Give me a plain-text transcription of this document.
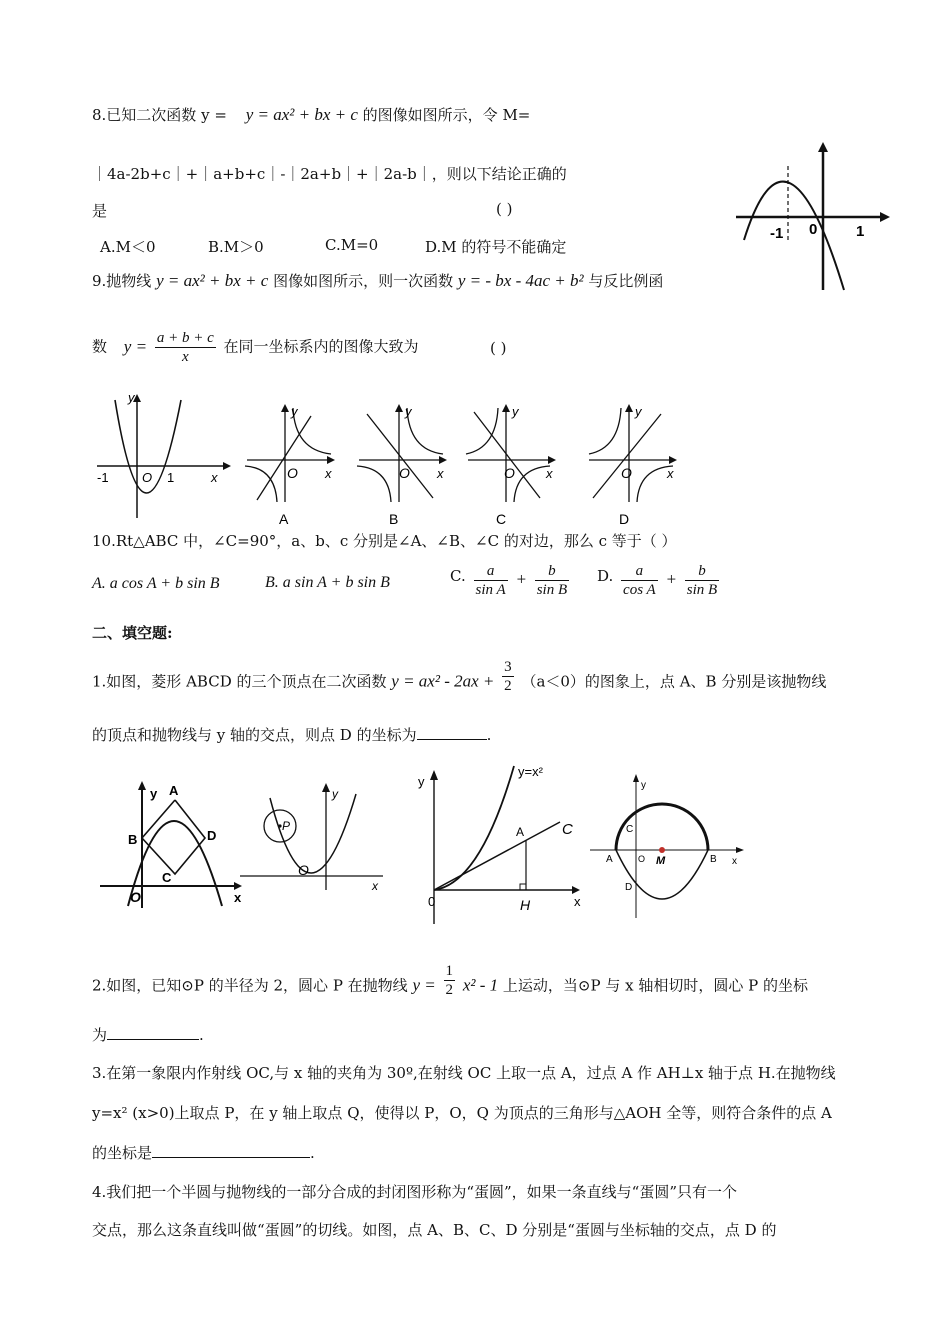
8.已知二次函数 y = y = ax² + bx + c 的图像如图所示，令 M=
｜4a-2b+c｜+｜a+b+c｜-｜2a+b｜+｜2a-b｜，则以下结论正确的
是	( )
A.M＜0	B.M＞0	C.M=0	D.M 的符号不能确定
-1 0	1
9.抛物线 y = ax² + bx + c 图像如图所示，则一次函数 y = - bx - 4ac + b² 与反比例函
数 $y = \frac{a + b + c}{x}$ 在同一坐标系内的图像大致为	( )
y
-1	O 1	x
y
O x
A
y
O x
B
y
O x
C
y
O	x
D
10.Rt△ABC 中，∠C=90°，a、b、c 分别是∠A、∠B、∠C 的对边，那么 c 等于（ ）
A. a cos A + b sin B	B. a sin A + b sin B	C. $\frac{a}{\text{sin A}} + \frac{b}{\text{sin B}} D$. $\frac{a}{\text{cos A}} + \frac{b}{\text{sin B}}$
二、填空题:
1.如图，菱形 ABCD 的三个顶点在二次函数 $y = ax^2 - 2ax + \frac{3}{2} (a<0)$的图象上，点 A、B 分别是该抛物线
的顶点和抛物线与 y 轴的交点，则点 D 的坐标为	.
y A
B	D
C
O	x
P
y
O
x
y
y=x²
C
A
0	H	x
y
C
A	O M	B
D
x
2.如图，已知⊙P 的半径为 2，圆心 P 在抛物线 $y = \frac{1}{2} x^2 - 1$ 上运动，当⊙P 与 x 轴相切时，圆心 P 的坐标
为	.
3.在第一象限内作射线 OC,与 x 轴的夹角为 30º,在射线 OC 上取一点 A，过点 A 作 AH⊥x 轴于点 H.在抛物线
y=x² (x>0)上取点 P，在 y 轴上取点 Q，使得以 P，O，Q 为顶点的三角形与△AOH 全等，则符合条件的点 A
的坐标是	.
4.我们把一个半圆与抛物线的一部分合成的封闭图形称为“蛋圆”，如果一条直线与“蛋圆”只有一个
交点，那么这条直线叫做“蛋圆”的切线。如图，点 A、B、C、D 分别是“蛋圆与坐标轴的交点，点 D 的
